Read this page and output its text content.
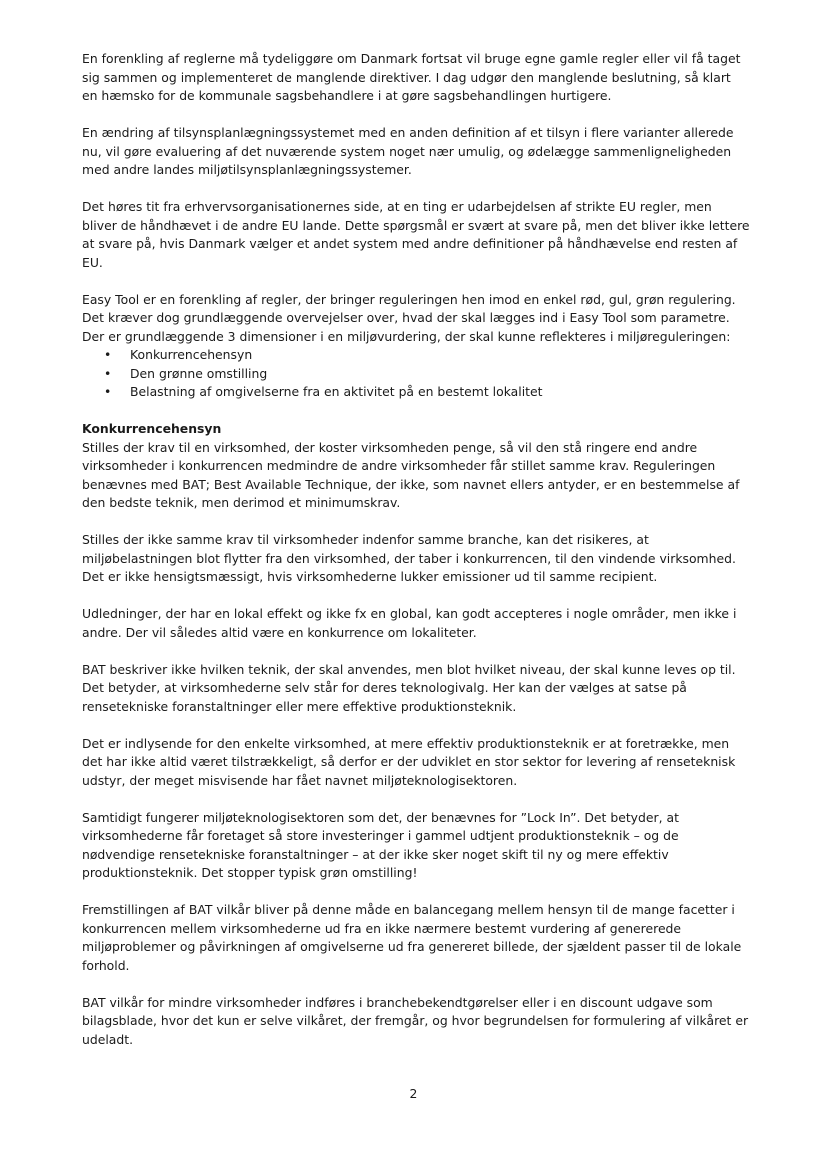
En forenkling af reglerne må tydeliggøre om Danmark fortsat vil bruge egne gamle regler eller vil få taget sig sammen og implementeret de manglende direktiver. I dag udgør den manglende beslutning, så klart en hæmsko for de kommunale sagsbehandlere i at gøre sagsbehandlingen hurtigere.

En ændring af tilsynsplanlægningssystemet med en anden definition af et tilsyn i flere varianter allerede nu, vil gøre evaluering af det nuværende system noget nær umulig, og ødelægge sammenligneligheden med andre landes miljøtilsynsplanlægningssystemer.

Det høres tit fra erhvervsorganisationernes side, at en ting er udarbejdelsen af strikte EU regler, men bliver de håndhævet i de andre EU lande. Dette spørgsmål er svært at svare på, men det bliver ikke lettere at svare på, hvis Danmark vælger et andet system med andre definitioner på håndhævelse end resten af EU.

Easy Tool er en forenkling af regler, der bringer reguleringen hen imod en enkel rød, gul, grøn regulering. Det kræver dog grundlæggende overvejelser over, hvad der skal lægges ind i Easy Tool som parametre. Der er grundlæggende 3 dimensioner i en miljøvurdering, der skal kunne reflekteres i miljøreguleringen:

• Konkurrencehensyn
• Den grønne omstilling
• Belastning af omgivelserne fra en aktivitet på en bestemt lokalitet
Konkurrencehensyn

Stilles der krav til en virksomhed, der koster virksomheden penge, så vil den stå ringere end andre virksomheder i konkurrencen medmindre de andre virksomheder får stillet samme krav. Reguleringen benævnes med BAT; Best Available Technique, der ikke, som navnet ellers antyder, er en bestemmelse af den bedste teknik, men derimod et minimumskrav.

Stilles der ikke samme krav til virksomheder indenfor samme branche, kan det risikeres, at miljøbelastningen blot flytter fra den virksomhed, der taber i konkurrencen, til den vindende virksomhed. Det er ikke hensigtsmæssigt, hvis virksomhederne lukker emissioner ud til samme recipient.

Udledninger, der har en lokal effekt og ikke fx en global, kan godt accepteres i nogle områder, men ikke i andre. Der vil således altid være en konkurrence om lokaliteter.

BAT beskriver ikke hvilken teknik, der skal anvendes, men blot hvilket niveau, der skal kunne leves op til. Det betyder, at virksomhederne selv står for deres teknologivalg. Her kan der vælges at satse på rensetekniske foranstaltninger eller mere effektive produktionsteknik.

Det er indlysende for den enkelte virksomhed, at mere effektiv produktionsteknik er at foretrække, men det har ikke altid været tilstrækkeligt, så derfor er der udviklet en stor sektor for levering af renseteknisk udstyr, der meget misvisende har fået navnet miljøteknologisektoren.

Samtidigt fungerer miljøteknologisektoren som det, der benævnes for ”Lock In”. Det betyder, at virksomhederne får foretaget så store investeringer i gammel udtjent produktionsteknik – og de nødvendige rensetekniske foranstaltninger – at der ikke sker noget skift til ny og mere effektiv produktionsteknik. Det stopper typisk grøn omstilling!

Fremstillingen af BAT vilkår bliver på denne måde en balancegang mellem hensyn til de mange facetter i konkurrencen mellem virksomhederne ud fra en ikke nærmere bestemt vurdering af genererede miljøproblemer og påvirkningen af omgivelserne ud fra genereret billede, der sjældent passer til de lokale forhold.

BAT vilkår for mindre virksomheder indføres i branchebekendtgørelser eller i en discount udgave som bilagsblade, hvor det kun er selve vilkåret, der fremgår, og hvor begrundelsen for formulering af vilkåret er udeladt.

2
